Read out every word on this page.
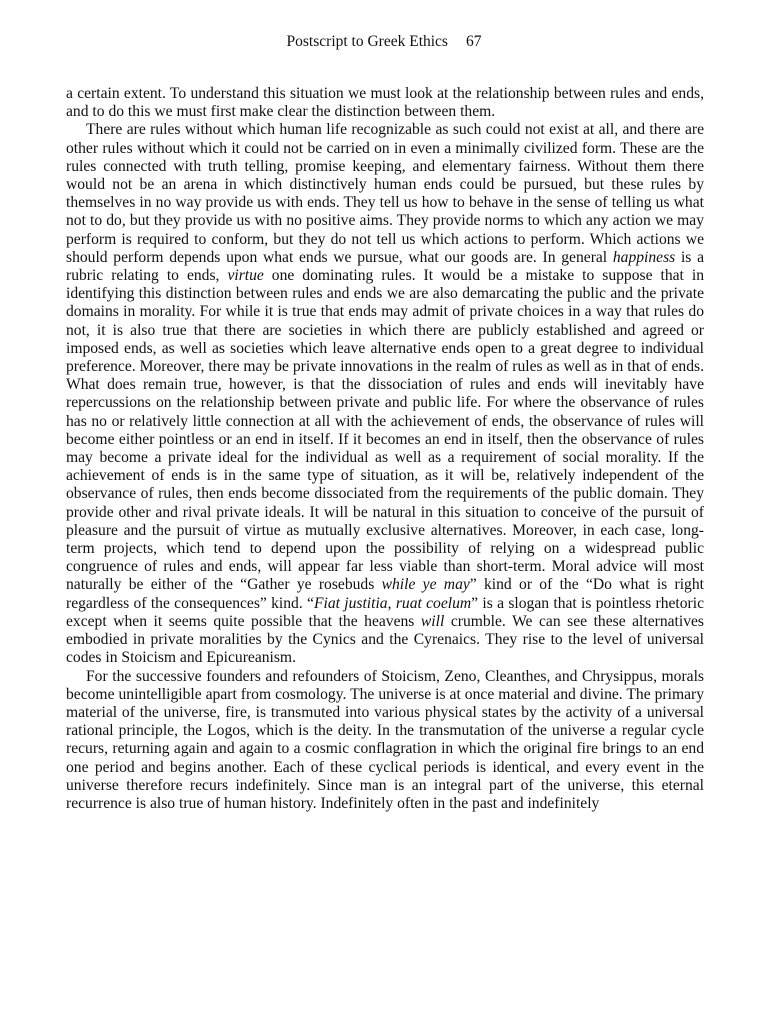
Postscript to Greek Ethics 67

a certain extent. To understand this situation we must look at the relationship between rules and ends, and to do this we must first make clear the distinction between them.

There are rules without which human life recognizable as such could not exist at all, and there are other rules without which it could not be carried on in even a minimally civilized form. These are the rules connected with truth telling, promise keeping, and elementary fairness. Without them there would not be an arena in which distinctively human ends could be pursued, but these rules by themselves in no way provide us with ends. They tell us how to behave in the sense of telling us what not to do, but they provide us with no positive aims. They provide norms to which any action we may perform is required to conform, but they do not tell us which actions to perform. Which actions we should perform depends upon what ends we pursue, what our goods are. In general happiness is a rubric relating to ends, virtue one dominating rules. It would be a mistake to suppose that in identifying this distinction between rules and ends we are also demarcating the public and the private domains in morality. For while it is true that ends may admit of private choices in a way that rules do not, it is also true that there are societies in which there are publicly established and agreed or imposed ends, as well as societies which leave alternative ends open to a great degree to individual preference. Moreover, there may be private innovations in the realm of rules as well as in that of ends. What does remain true, however, is that the dissociation of rules and ends will inevitably have repercussions on the relationship between private and public life. For where the observance of rules has no or relatively little connection at all with the achievement of ends, the observance of rules will become either pointless or an end in itself. If it becomes an end in itself, then the observance of rules may become a private ideal for the individual as well as a requirement of social morality. If the achievement of ends is in the same type of situation, as it will be, relatively independent of the observance of rules, then ends become dissociated from the requirements of the public domain. They provide other and rival private ideals. It will be natural in this situation to conceive of the pursuit of pleasure and the pursuit of virtue as mutually exclusive alternatives. Moreover, in each case, long-term projects, which tend to depend upon the possibility of relying on a widespread public congruence of rules and ends, will appear far less viable than short-term. Moral advice will most naturally be either of the “Gather ye rosebuds while ye may” kind or of the “Do what is right regardless of the consequences” kind. “Fiat justitia, ruat coelum” is a slogan that is pointless rhetoric except when it seems quite possible that the heavens will crumble. We can see these alternatives embodied in private moralities by the Cynics and the Cyrenaics. They rise to the level of universal codes in Stoicism and Epicureanism.

For the successive founders and refounders of Stoicism, Zeno, Cleanthes, and Chrysippus, morals become unintelligible apart from cosmology. The universe is at once material and divine. The primary material of the universe, fire, is transmuted into various physical states by the activity of a universal rational principle, the Logos, which is the deity. In the transmutation of the universe a regular cycle recurs, returning again and again to a cosmic conflagration in which the original fire brings to an end one period and begins another. Each of these cyclical periods is identical, and every event in the universe therefore recurs indefinitely. Since man is an integral part of the universe, this eternal recurrence is also true of human history. Indefinitely often in the past and indefinitely
